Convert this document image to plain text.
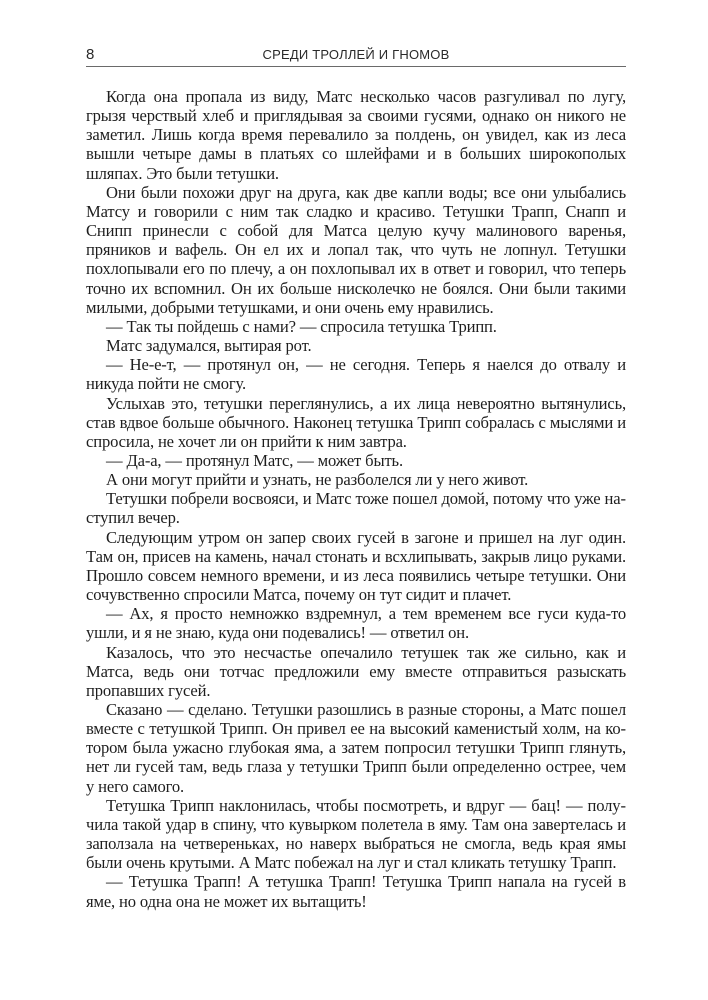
8	СРЕДИ ТРОЛЛЕЙ И ГНОМОВ

Когда она пропала из виду, Матс несколько часов разгуливал по лугу, грызя черствый хлеб и приглядывая за своими гусями, однако он никого не заметил. Лишь когда время перевалило за полдень, он увидел, как из леса вышли четыре дамы в платьях со шлейфами и в больших широкополых шляпах. Это были тетушки.

Они были похожи друг на друга, как две капли воды; все они улыбались Матсу и говорили с ним так сладко и красиво. Тетушки Трапп, Снапп и Снипп принесли с собой для Матса целую кучу малинового варенья, пряников и вафель. Он ел их и лопал так, что чуть не лопнул. Тетушки похлопывали его по плечу, а он похлопывал их в ответ и говорил, что теперь точно их вспомнил. Он их больше нисколечко не боялся. Они были такими милыми, добрыми тетушками, и они очень ему нравились.

— Так ты пойдешь с нами? — спросила тетушка Трипп.

Матс задумался, вытирая рот.

— Не-е-т, — протянул он, — не сегодня. Теперь я наелся до отвалу и никуда пойти не смогу.

Услыхав это, тетушки переглянулись, а их лица невероятно вытянулись, став вдвое больше обычного. Наконец тетушка Трипп собралась с мыслями и спросила, не хочет ли он прийти к ним завтра.

— Да-а, — протянул Матс, — может быть.

А они могут прийти и узнать, не разболелся ли у него живот.

Тетушки побрели восвояси, и Матс тоже пошел домой, потому что уже наступил вечер.

Следующим утром он запер своих гусей в загоне и пришел на луг один. Там он, присев на камень, начал стонать и всхлипывать, закрыв лицо руками. Прошло совсем немного времени, и из леса появились четыре тетушки. Они сочувственно спросили Матса, почему он тут сидит и плачет.

— Ах, я просто немножко вздремнул, а тем временем все гуси куда-то ушли, и я не знаю, куда они подевались! — ответил он.

Казалось, что это несчастье опечалило тетушек так же сильно, как и Матса, ведь они тотчас предложили ему вместе отправиться разыскать пропавших гусей.

Сказано — сделано. Тетушки разошлись в разные стороны, а Матс пошел вместе с тетушкой Трипп. Он привел ее на высокий каменистый холм, на котором была ужасно глубокая яма, а затем попросил тетушки Трипп глянуть, нет ли гусей там, ведь глаза у тетушки Трипп были определенно острее, чем у него самого.

Тетушка Трипп наклонилась, чтобы посмотреть, и вдруг — бац! — получила такой удар в спину, что кувырком полетела в яму. Там она завертелась и заползала на четвереньках, но наверх выбраться не смогла, ведь края ямы были очень крутыми. А Матс побежал на луг и стал кликать тетушку Трапп.

— Тетушка Трапп! А тетушка Трапп! Тетушка Трипп напала на гусей в яме, но одна она не может их вытащить!
